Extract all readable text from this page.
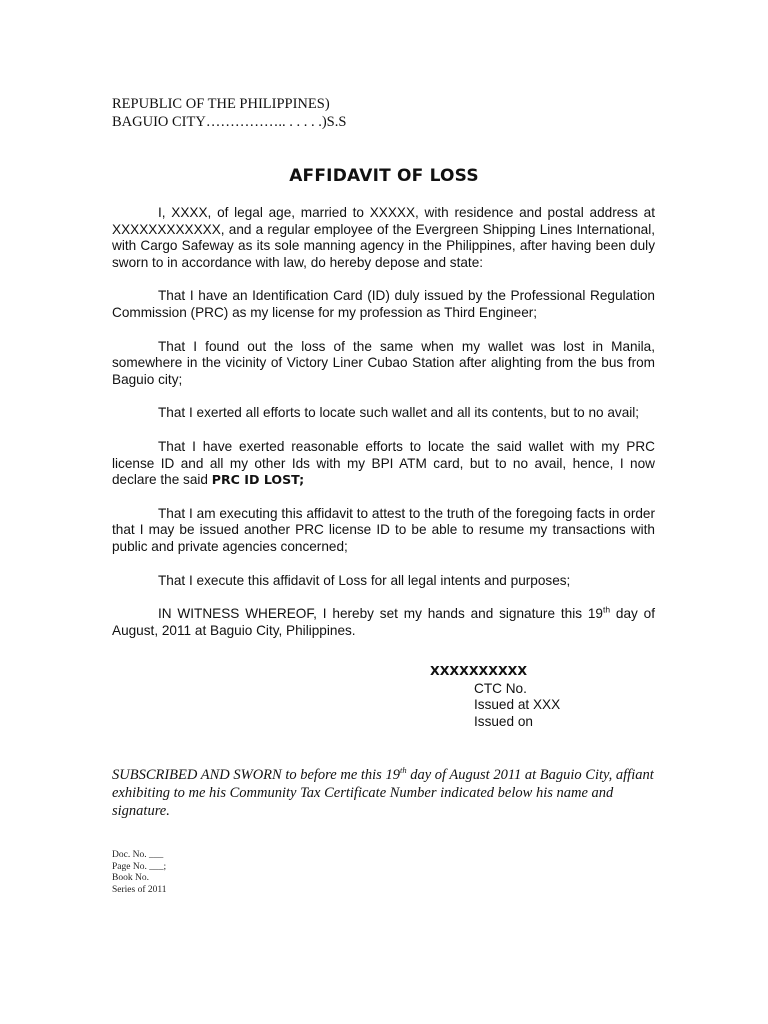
REPUBLIC OF THE PHILIPPINES)
BAGUIO CITY…………….. . . . . .)S.S
AFFIDAVIT OF LOSS

I, XXXX, of legal age, married to XXXXX, with residence and postal address at XXXXXXXXXXXX, and a regular employee of the Evergreen Shipping Lines International, with Cargo Safeway as its sole manning agency in the Philippines, after having been duly sworn to in accordance with law, do hereby depose and state:

That I have an Identification Card (ID) duly issued by the Professional Regulation Commission (PRC) as my license for my profession as Third Engineer;

That I found out the loss of the same when my wallet was lost in Manila, somewhere in the vicinity of Victory Liner Cubao Station after alighting from the bus from Baguio city;

That I exerted all efforts to locate such wallet and all its contents, but to no avail;

That I have exerted reasonable efforts to locate the said wallet with my PRC license ID and all my other Ids with my BPI ATM card, but to no avail, hence, I now declare the said PRC ID LOST;

That I am executing this affidavit to attest to the truth of the foregoing facts in order that I may be issued another PRC license ID to be able to resume my transactions with public and private agencies concerned;

That I execute this affidavit of Loss for all legal intents and purposes;

IN WITNESS WHEREOF, I hereby set my hands and signature this 19th day of August, 2011 at Baguio City, Philippines.

XXXXXXXXXX
CTC No.
Issued at XXX
Issued on
SUBSCRIBED AND SWORN to before me this 19th day of August 2011 at Baguio City, affiant exhibiting to me his Community Tax Certificate Number indicated below his name and signature.
Doc. No. ___
Page No. ___;
Book No.
Series of 2011
